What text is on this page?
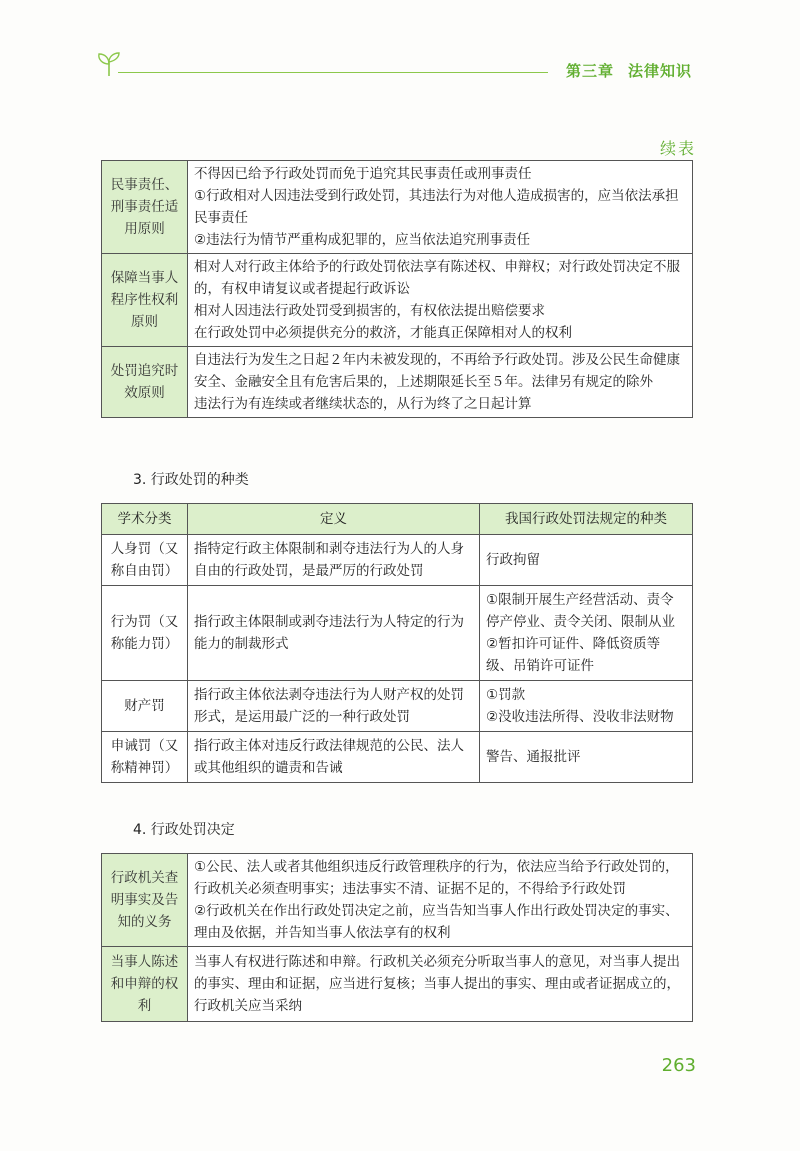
第三章 法律知识
续表
民事责任、刑事责任适用原则	不得因已给予行政处罚而免于追究其民事责任或刑事责任
①行政相对人因违法受到行政处罚，其违法行为对他人造成损害的，应当依法承担民事责任
②违法行为情节严重构成犯罪的，应当依法追究刑事责任

保障当事人程序性权利原则	相对人对行政主体给予的行政处罚依法享有陈述权、申辩权；对行政处罚决定不服的，有权申请复议或者提起行政诉讼
相对人因违法行政处罚受到损害的，有权依法提出赔偿要求
在行政处罚中必须提供充分的救济，才能真正保障相对人的权利

处罚追究时效原则	自违法行为发生之日起２年内未被发现的，不再给予行政处罚。涉及公民生命健康安全、金融安全且有危害后果的，上述期限延长至５年。法律另有规定的除外
违法行为有连续或者继续状态的，从行为终了之日起计算
3. 行政处罚的种类
学术分类	定义	我国行政处罚法规定的种类
人身罚（又称自由罚）	指特定行政主体限制和剥夺违法行为人的人身自由的行政处罚，是最严厉的行政处罚	行政拘留

行为罚（又称能力罚）	指行政主体限制或剥夺违法行为人特定的行为能力的制裁形式	①限制开展生产经营活动、责令停产停业、责令关闭、限制从业
②暂扣许可证件、降低资质等级、吊销许可证件

财产罚	指行政主体依法剥夺违法行为人财产权的处罚形式，是运用最广泛的一种行政处罚	①罚款
②没收违法所得、没收非法财物

申诫罚（又称精神罚）	指行政主体对违反行政法律规范的公民、法人或其他组织的谴责和告诫	警告、通报批评
4. 行政处罚决定
行政机关查明事实及告知的义务	①公民、法人或者其他组织违反行政管理秩序的行为，依法应当给予行政处罚的，行政机关必须查明事实；违法事实不清、证据不足的，不得给予行政处罚
②行政机关在作出行政处罚决定之前，应当告知当事人作出行政处罚决定的事实、理由及依据，并告知当事人依法享有的权利

当事人陈述和申辩的权利	当事人有权进行陈述和申辩。行政机关必须充分听取当事人的意见，对当事人提出的事实、理由和证据，应当进行复核；当事人提出的事实、理由或者证据成立的，行政机关应当采纳
263
